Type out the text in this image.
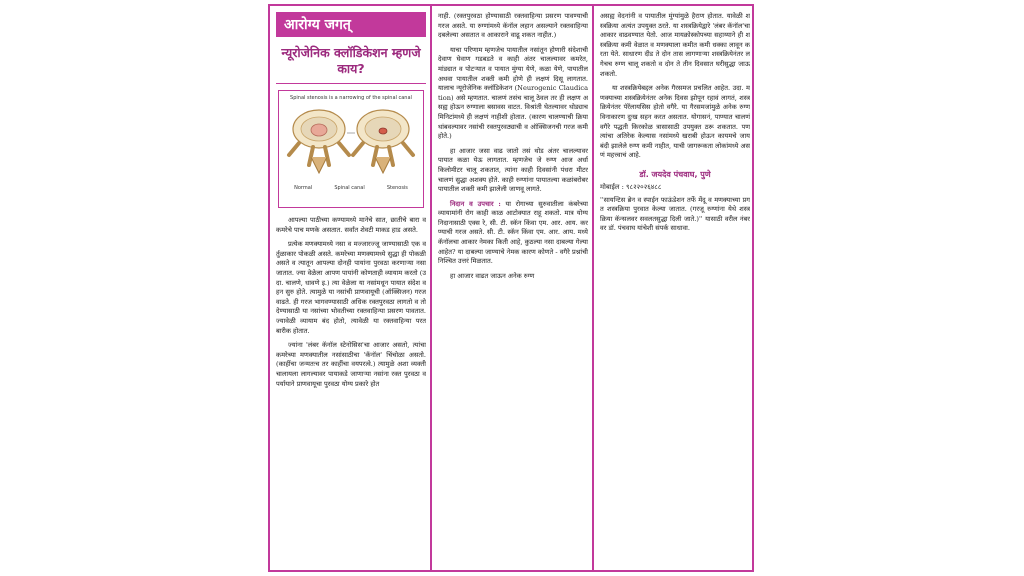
आरोग्य जगत्
न्यूरोजेनिक क्लॉडिकेशन म्हणजे काय?
Spinal stenosis is a narrowing of the spinal canal
Normal	Spinal canal	Stenosis

आपल्या पाठीच्या कण्यामध्ये मानेचे सात, छातीचे बारा व कमरेचे पाच मणके असतात. सर्वांत शेवटी माकड हाड असते.

प्रत्येक मणक्यामध्ये नसा व मज्जारज्जू जाण्यासाठी एक वर्तुळाकार पोकळी असते. कमरेच्या मणक्यामध्ये सुद्धा ही पोकळी असते व त्यातून आपल्या दोनही पायांना पुरवठा करणाऱ्या नसा जातात. ज्या वेळेला आपण पायांनी कोणताही व्यायाम करतो (उदा. चालणे, धावणे इ.) त्या वेळेला या नसांमधून पायात संदेश वहन सुरु होते. त्यामुळे या नसांची प्राणवायूची (ऑक्सिजन) गरज वाढते. ही गरज भागवण्यासाठी अधिक रक्तपुरवठा लागतो व तो देण्यासाठी या नसांच्या भोवतीच्या रक्तवाहिन्या प्रसरण पावतात. ज्यावेळी व्यायाम बंद होतो, त्यावेळी या रक्तवाहिन्या परत बारीक होतात.

ज्यांना 'लंबर कॅनॉल स्टेनोसिस'चा आजार असतो, त्यांचा कमरेच्या मणक्यातील नसांसाठीचा 'कॅनॉल' चिंचोळा असतो. (काहींचा जन्मतःच तर काहींचा वयपरत्वे.) त्यामुळे अशा व्यक्ती चालायला लागल्यावर पायाकडे जाणाऱ्या नसांना रक्त पुरवठा व पर्यायाने प्राणवायूचा पुरवठा योग्य प्रकारे होत

नाही. (रक्तपुरवठा होण्यासाठी रक्तवाहिन्या प्रसरण पावण्याची गरज असते. या रुग्णांमध्ये कॅनॉल लहान असल्याने रक्तवाहिन्या दबलेल्या असतात व आकाराने वाढू शकत नाहीत.)

याचा परिणाम म्हणजेच पायातील नसांतून होणारी संदेशाची देवाण घेवाण गडबडते व काही अंतर चालल्यावर कमरेत, मांड्यात व पोटऱ्यात व पायात मुंग्या येणे, कळा येणे, पायातील अथवा पायातील शक्ती कमी होणे ही लक्षणं दिसू लागतात. यालाच न्यूरोजेनिक क्लॉडिकेशन (Neurogenic Claudication) असे म्हणतात. चालणं तसंच चालू ठेवल तर ही लक्षण असह्य होऊन रुग्णाला बसावस वाटत. विश्रांती घेतल्यावर थोड्याच मिनिटांमध्ये ही लक्षणं नाहीशी होतात. (कारण चालण्याची क्रिया थांबवल्यावर नसांची रक्तपुरवठ्याची व ऑक्सिजनची गरज कमी होते.)

हा आजार जसा वाढ जातो तसं थोड अंतर चालल्यावर पायात कळा येऊ लागतात. म्हणजेच जे रुग्ण आज अर्धा किलोमीटर चालू शकतात, त्यांना काही दिवसांनी पंधरा मीटर चालणं सुद्धा अशक्य होते. काही रुग्णांना पायातल्या कळांबरोबर पायातील शक्ती कमी झालेली जाणवू लागते.

निदान व उपचार : या रोगाच्या सुरुवातीला कंबरेच्या व्यायामांनी रोग काही काळ आटोक्यात राहू शकतो. मात्र योग्य निदानासाठी एक्स रे, सी. टी. स्कॅन किंवा एम. आर. आय. करण्याची गरज असते. सी. टी. स्कॅन किंवा एम. आर. आय. मध्ये कॅनॉलचा आकार नेमका किती आहे, कुठल्या नसा दाबल्या गेल्या आहेत? या दाबल्या जाण्याचे नेमक कारण कोणते - वगैरे प्रश्नांची निश्चित उत्तरं मिळतात.

हा आजार वाढत जाऊन अनेक रुग्ण

असह्य वेदनांनी व पायातील मुंग्यांमुळे हैराण होतात. यावेळी शस्त्रक्रिया अत्यंत उपयुक्त ठरते. या शस्त्रक्रियेद्वारे 'लंबर कॅनॉल'चा आकार वाढवण्यात येतो. आज मायक्रोस्कोपच्या सहाय्याने ही शस्त्रक्रिया कमी वेळात व मणक्याला कमीत कमी धक्का लावून करता येते. साधारण दीड ते दोन तास लागणाऱ्या शस्त्रक्रियेनंतर लगेचच रुग्ण चालू शकतो व दोन ते तीन दिवसात घरीसुद्धा जाऊ शकतो.

या शस्त्रक्रियेबद्दल अनेक गैरसमज प्रचलित आहेत. उदा. मणक्याच्या शस्त्रक्रियेनंतर अनेक दिवस झोपून रहावं लागतं, शस्त्रक्रियेनंतर पॅरॅलायसिस होतो वगैरे. या गैरसमजांमुळे अनेक रुग्ण विनाकारण दुःख सहन करत असतात. योगासनं, पाण्यात चालणं वगैरे पद्धती किरकोळ त्रासासाठी उपयुक्त ठरू शकतात. पण त्यांचा अतिरेक केल्यास नसांमध्ये खराबी होऊन कायमचे जायबंदी झालेले रुग्ण कमी नाहीत, याची जागरूकता लोकांमध्ये असणं महत्त्वाचं आहे.

डॉ. जयदेव पंचवाघ, पुणे

मोबाईल : ९८२२०२६४८८

''सायन्टिस ब्रेन व स्पाईन फाऊंडेशन तर्फे मेंदू व मणक्याच्या प्रगत शस्त्रक्रिया पुरवात केल्या जातात. (गरजू रुग्णांना येथे शस्त्रक्रिया कॅन्सलवर सवलतसुद्धा दिली जाते.)'' यासाठी वरील नंबरवर डॉ. पंचवाघ यांचेशी संपर्क साधावा.
